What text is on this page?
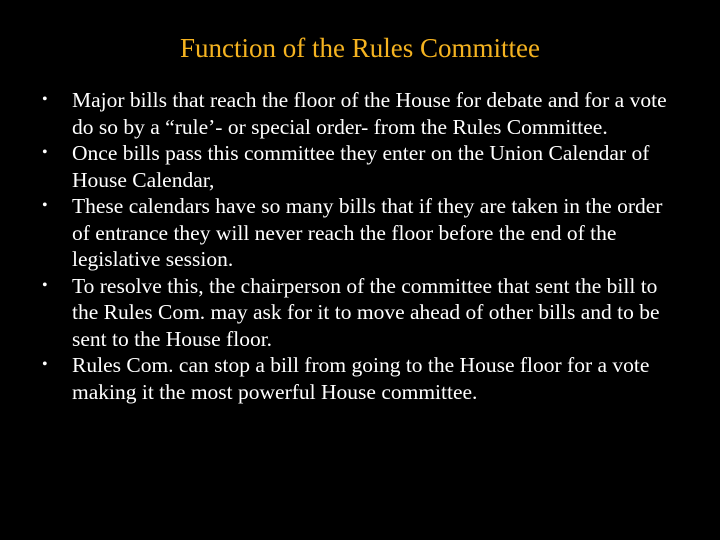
Function of the Rules Committee
•	Major bills that reach the floor of the House for debate and for a vote do so by a “rule’- or special order- from the Rules Committee.
•	Once bills pass this committee they enter on the Union Calendar of House Calendar,
•	These calendars have so many bills that if they are taken in the order of entrance they will never reach the floor before the end of the legislative session.
•	To resolve this, the chairperson of the committee that sent the bill to the Rules Com. may ask for it to move ahead of other bills and to be sent to the House floor.
•	Rules Com. can stop a bill from going to the House floor for a vote making it the most powerful House committee.
